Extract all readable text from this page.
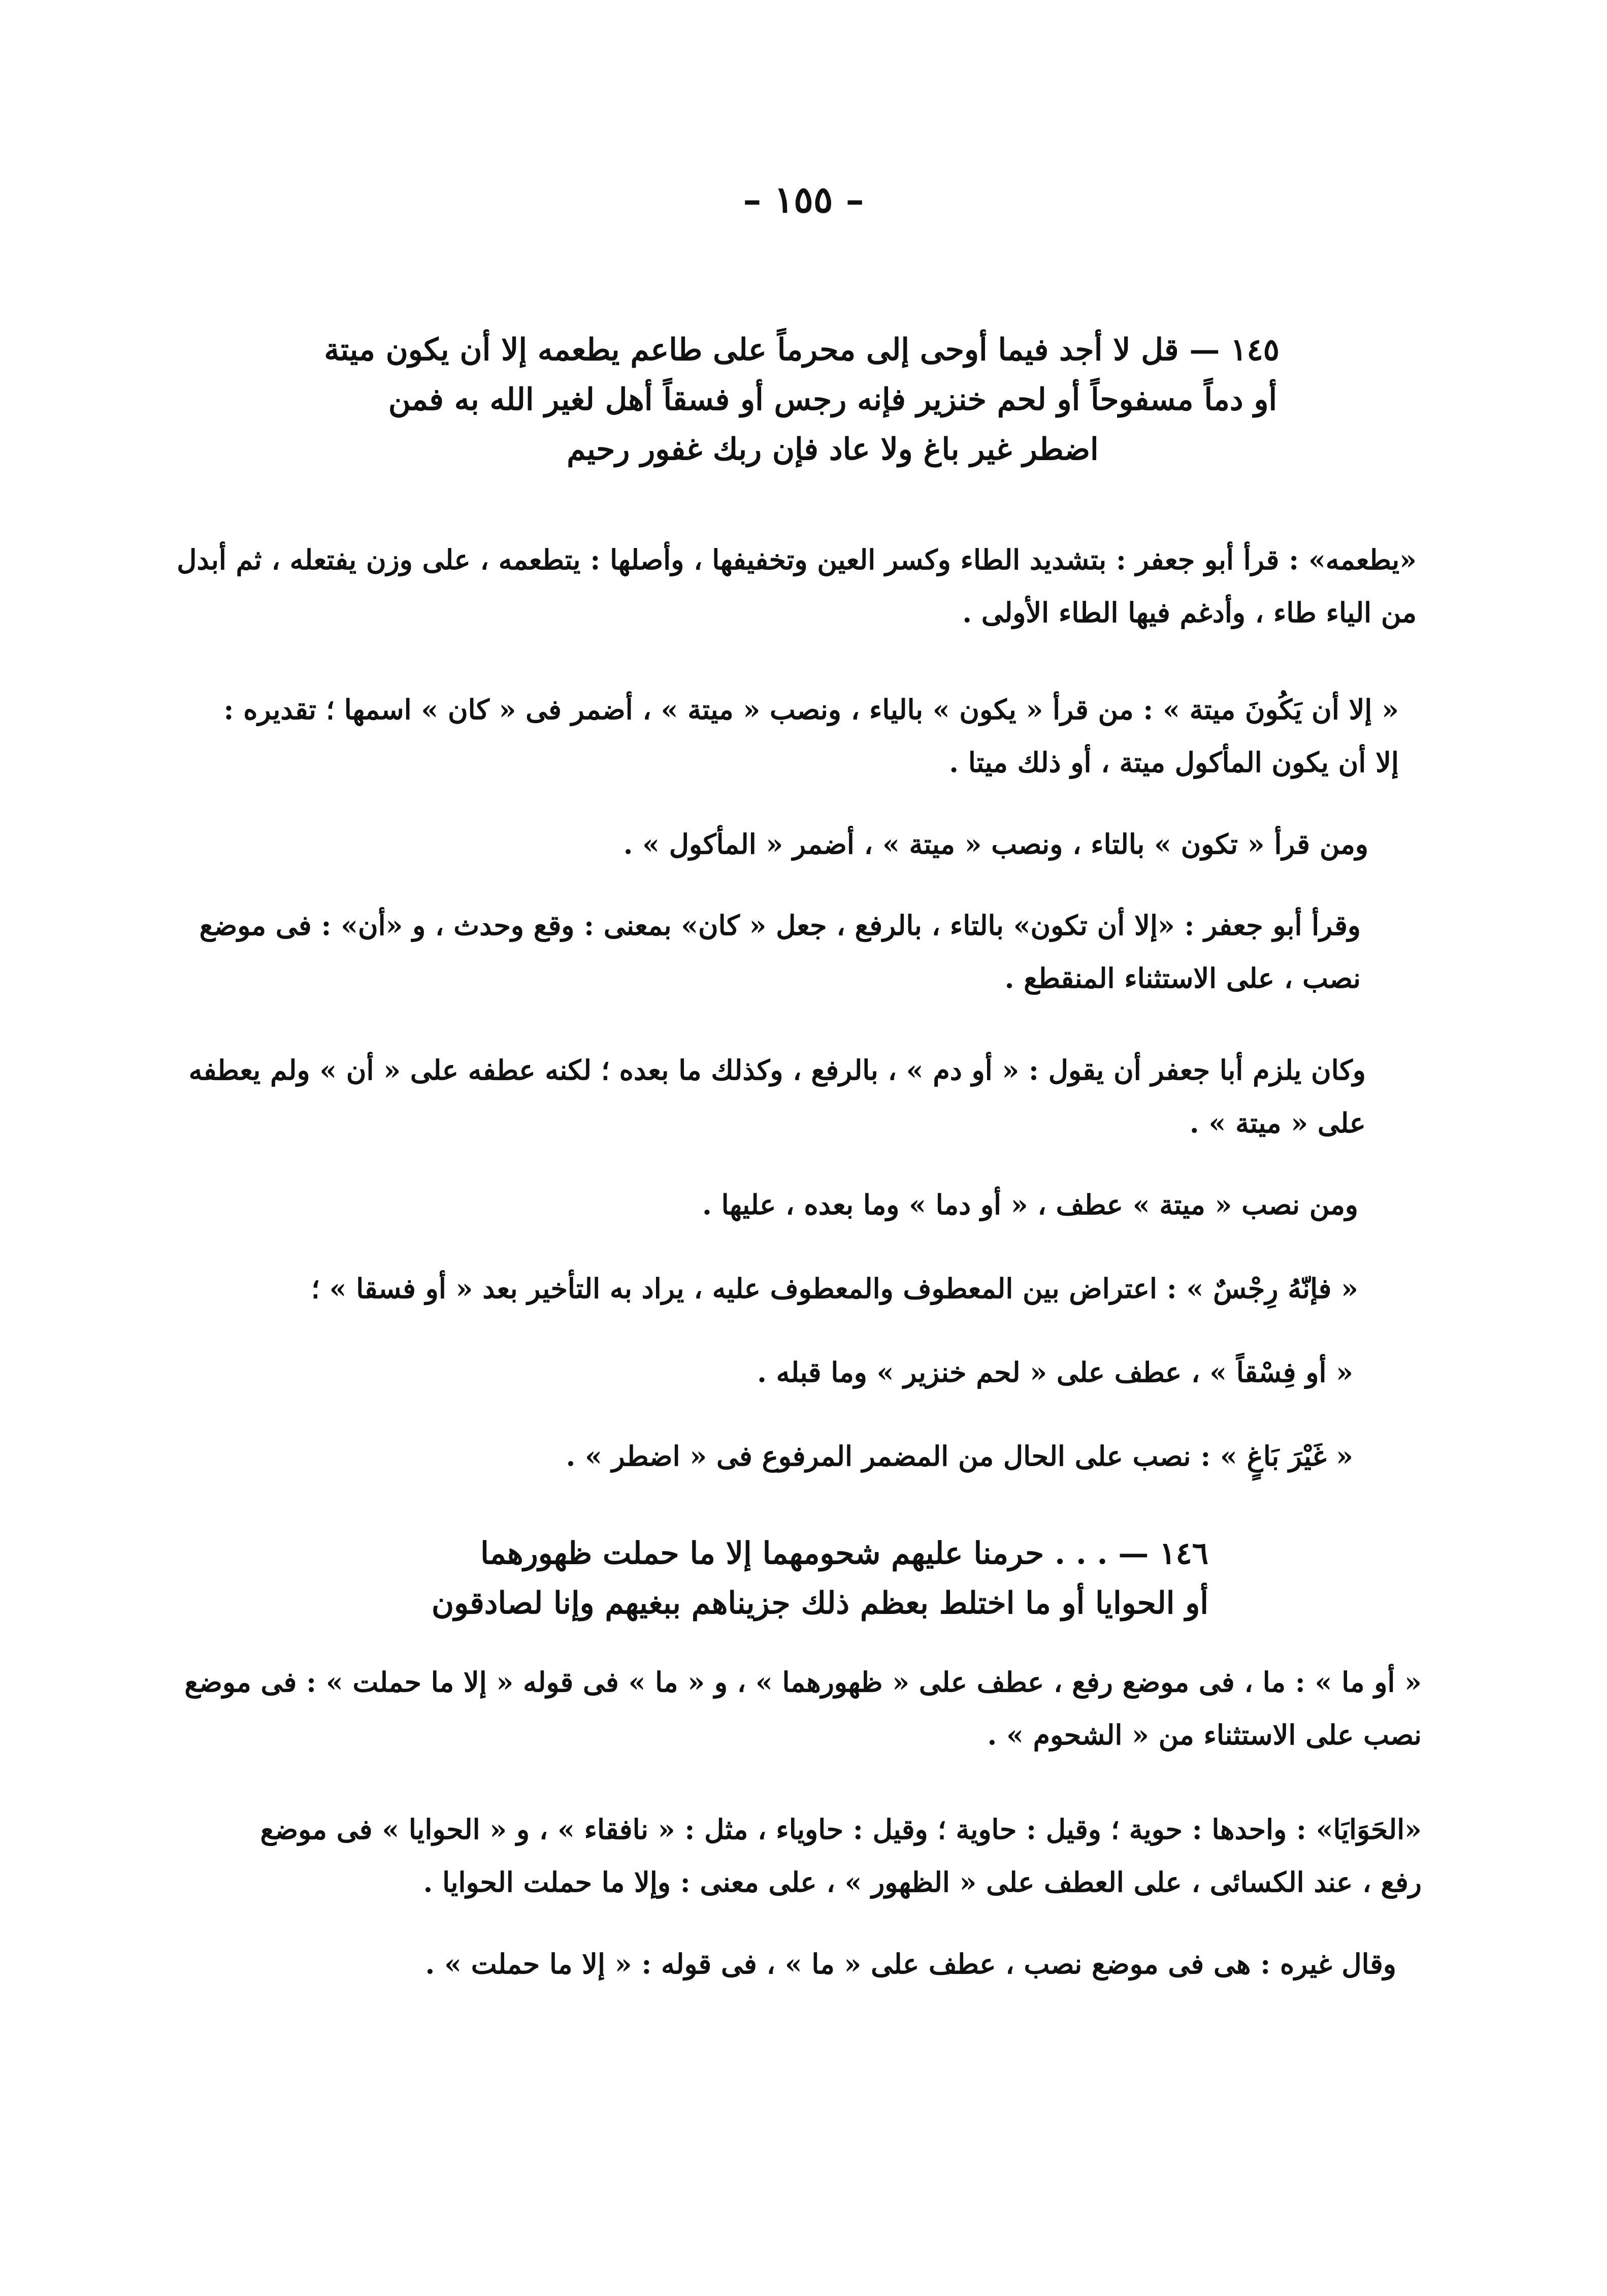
– ١٥٥ –
١٤٥ — قل لا أجد فيما أوحى إلى محرماً على طاعم يطعمه إلا أن يكون ميتة
أو دماً مسفوحاً أو لحم خنزير فإنه رجس أو فسقاً أهل لغير الله به فمن
اضطر غير باغ ولا عاد فإن ربك غفور رحيم
«يطعمه» : قرأ أبو جعفر : بتشديد الطاء وكسر العين وتخفيفها ، وأصلها : يتطعمه ، على وزن يفتعله ، ثم أبدل
من الياء طاء ، وأدغم فيها الطاء الأولى .
« إلا أن يَكُونَ ميتة » : من قرأ « يكون » بالياء ، ونصب « ميتة » ، أضمر فى « كان » اسمها ؛ تقديره :
إلا أن يكون المأكول ميتة ، أو ذلك ميتا .
ومن قرأ « تكون » بالتاء ، ونصب « ميتة » ، أضمر « المأكول » .
وقرأ أبو جعفر : «إلا أن تكون» بالتاء ، بالرفع ، جعل « كان» بمعنى : وقع وحدث ، و «أن» : فى موضع
نصب ، على الاستثناء المنقطع .
وكان يلزم أبا جعفر أن يقول : « أو دم » ، بالرفع ، وكذلك ما بعده ؛ لكنه عطفه على « أن » ولم يعطفه
على « ميتة » .
ومن نصب « ميتة » عطف ، « أو دما » وما بعده ، عليها .
« فإنّهُ رِجْسٌ » : اعتراض بين المعطوف والمعطوف عليه ، يراد به التأخير بعد « أو فسقا » ؛
« أو فِسْقاً » ، عطف على « لحم خنزير » وما قبله .
« غَيْرَ بَاغٍ » : نصب على الحال من المضمر المرفوع فى « اضطر » .
١٤٦ — . . . حرمنا عليهم شحومهما إلا ما حملت ظهورهما
أو الحوايا أو ما اختلط بعظم ذلك جزيناهم ببغيهم وإنا لصادقون
« أو ما » : ما ، فى موضع رفع ، عطف على « ظهورهما » ، و « ما » فى قوله « إلا ما حملت » : فى موضع
نصب على الاستثناء من « الشحوم » .
«الحَوَايَا» : واحدها : حوية ؛ وقيل : حاوية ؛ وقيل : حاوياء ، مثل : « نافقاء » ، و « الحوايا » فى موضع
رفع ، عند الكسائى ، على العطف على « الظهور » ، على معنى : وإلا ما حملت الحوايا .
وقال غيره : هى فى موضع نصب ، عطف على « ما » ، فى قوله : « إلا ما حملت » .
